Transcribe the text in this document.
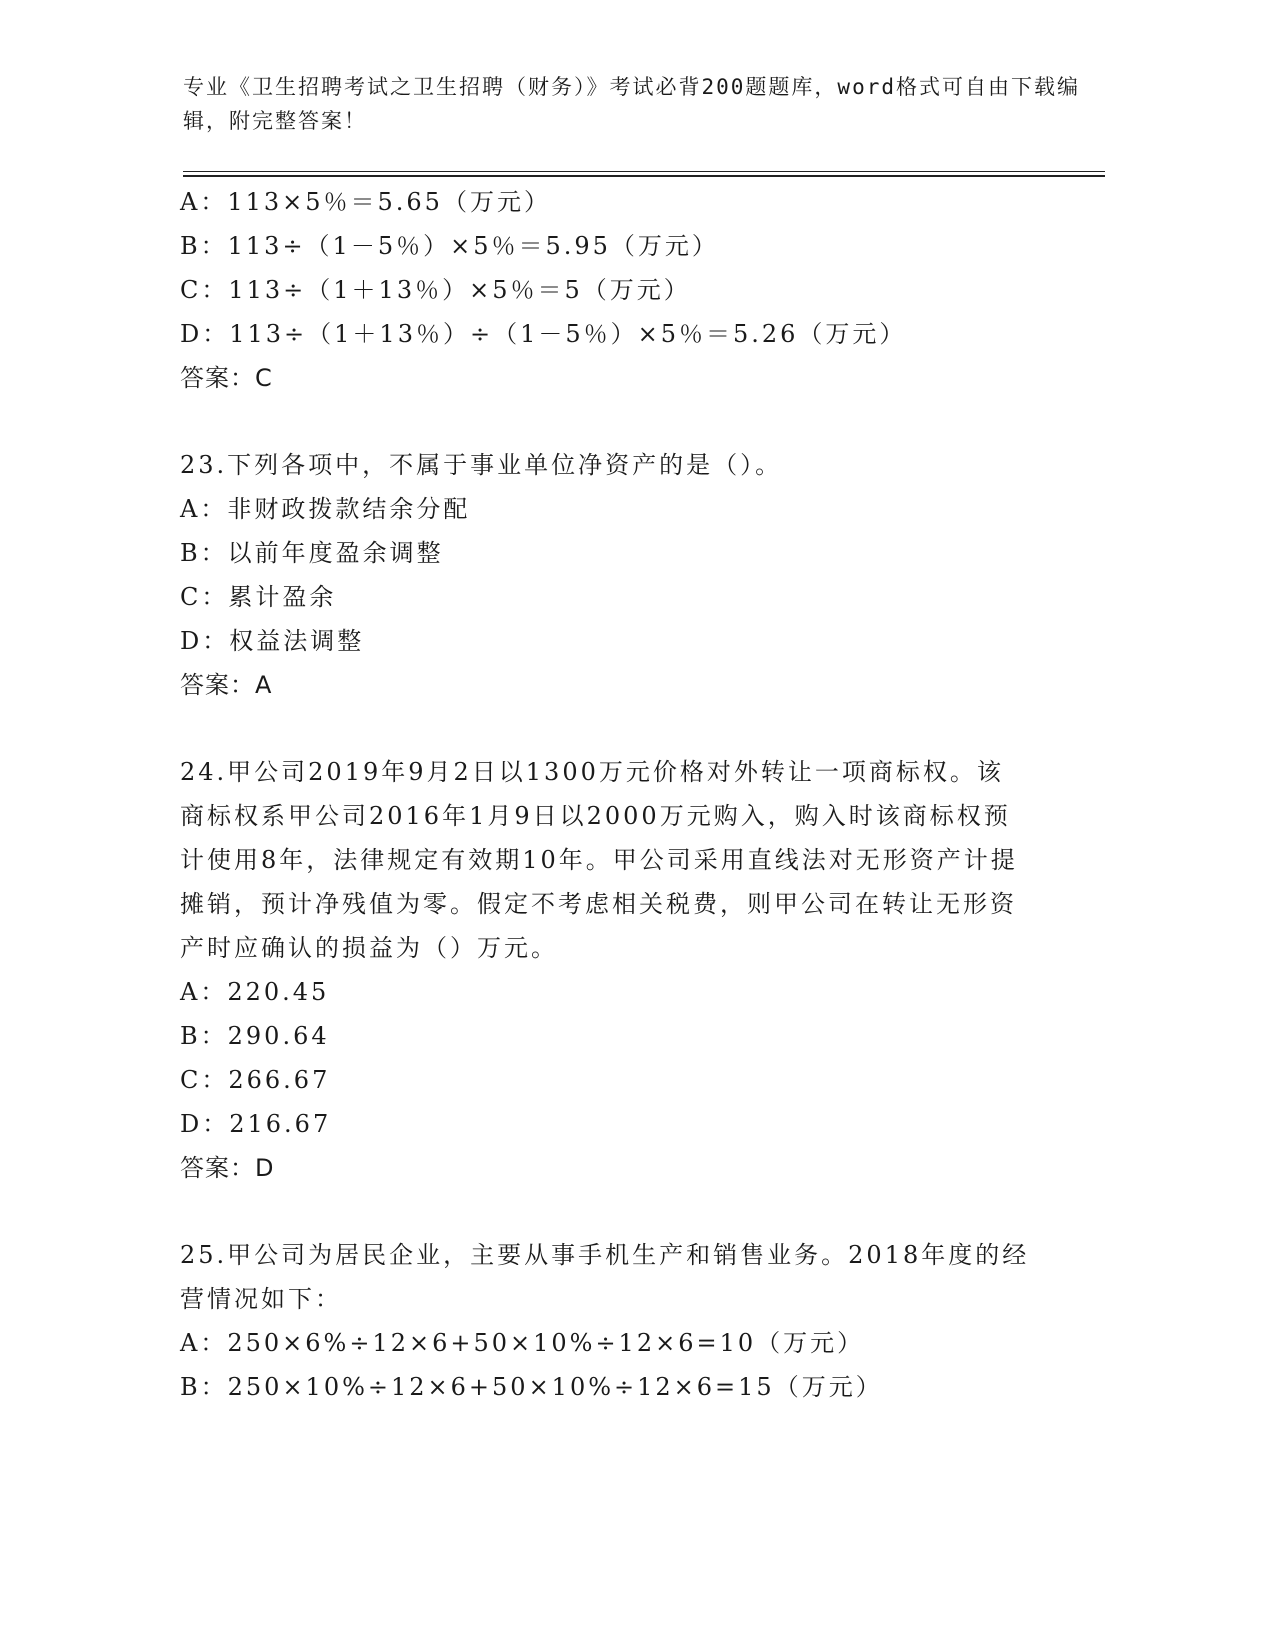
专业《卫生招聘考试之卫生招聘（财务）》考试必背200题题库，word格式可自由下载编辑，附完整答案！
A：113×5％＝5.65（万元）
B：113÷（1－5％）×5％＝5.95（万元）
C：113÷（1＋13％）×5％＝5（万元）
D：113÷（1＋13％）÷（1－5％）×5％＝5.26（万元）
答案：C
23.下列各项中，不属于事业单位净资产的是（）。
A：非财政拨款结余分配
B：以前年度盈余调整
C：累计盈余
D：权益法调整
答案：A
24.甲公司2019年9月2日以1300万元价格对外转让一项商标权。该商标权系甲公司2016年1月9日以2000万元购入，购入时该商标权预计使用8年，法律规定有效期10年。甲公司采用直线法对无形资产计提摊销，预计净残值为零。假定不考虑相关税费，则甲公司在转让无形资产时应确认的损益为（）万元。
A：220.45
B：290.64
C：266.67
D：216.67
答案：D
25.甲公司为居民企业，主要从事手机生产和销售业务。2018年度的经营情况如下：
A：250×6%÷12×6+50×10%÷12×6=10（万元）
B：250×10%÷12×6+50×10%÷12×6=15（万元）
